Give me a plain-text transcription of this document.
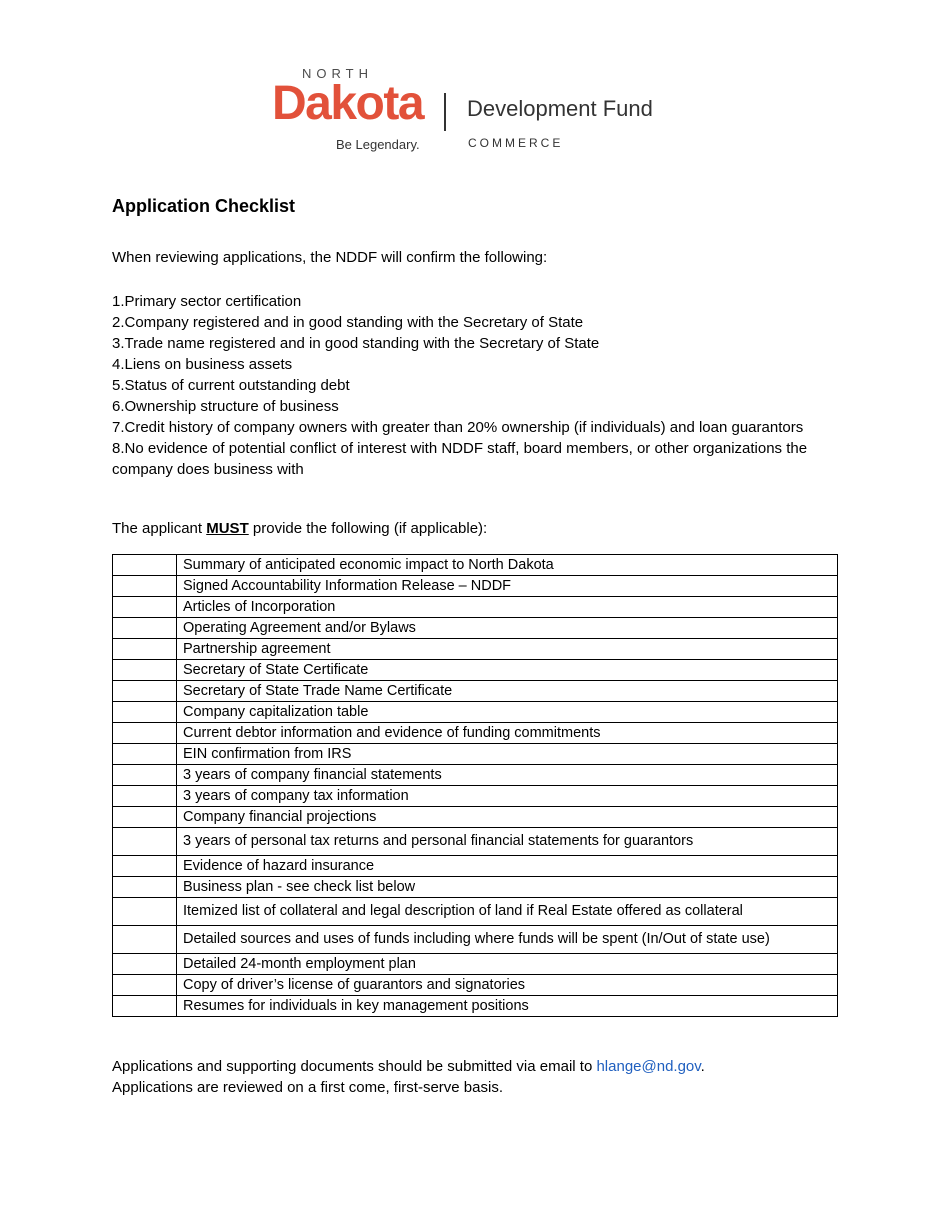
NORTH
Dakota
Be Legendary.
Development Fund
COMMERCE
Application Checklist
When reviewing applications, the NDDF will confirm the following:
1.Primary sector certification
2.Company registered and in good standing with the Secretary of State
3.Trade name registered and in good standing with the Secretary of State
4.Liens on business assets
5.Status of current outstanding debt
6.Ownership structure of business
7.Credit history of company owners with greater than 20% ownership (if individuals) and loan guarantors
8.No evidence of potential conflict of interest with NDDF staff, board members, or other organizations the company does business with
The applicant MUST provide the following (if applicable):
	Summary of anticipated economic impact to North Dakota
	Signed Accountability Information Release – NDDF
	Articles of Incorporation
	Operating Agreement and/or Bylaws
	Partnership agreement
	Secretary of State Certificate
	Secretary of State Trade Name Certificate
	Company capitalization table
	Current debtor information and evidence of funding commitments
	EIN confirmation from IRS
	3 years of company financial statements
	3 years of company tax information
	Company financial projections
	3 years of personal tax returns and personal financial statements for guarantors
	Evidence of hazard insurance
	Business plan - see check list below
	Itemized list of collateral and legal description of land if Real Estate offered as collateral
	Detailed sources and uses of funds including where funds will be spent (In/Out of state use)
	Detailed 24-month employment plan
	Copy of driver’s license of guarantors and signatories
	Resumes for individuals in key management positions
Applications and supporting documents should be submitted via email to hlange@nd.gov.
Applications are reviewed on a first come, first-serve basis.
